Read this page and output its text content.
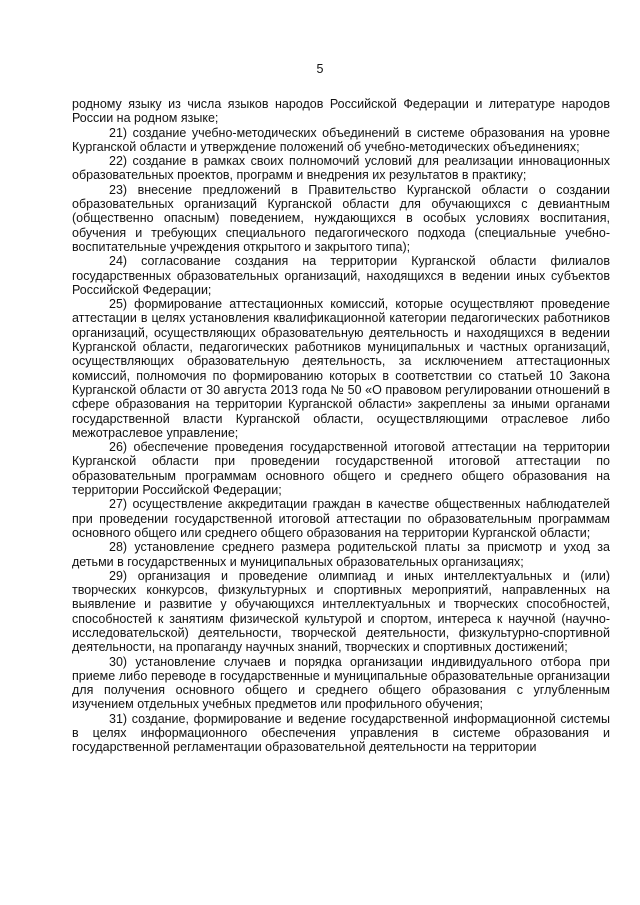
5

родному языку из числа языков народов Российской Федерации и литературе народов России на родном языке;

21) создание учебно-методических объединений в системе образования на уровне Курганской области и утверждение положений об учебно-методических объединениях;

22) создание в рамках своих полномочий условий для реализации инновационных образовательных проектов, программ и внедрения их результатов в практику;

23) внесение предложений в Правительство Курганской области о создании образовательных организаций Курганской области для обучающихся с девиантным (общественно опасным) поведением, нуждающихся в особых условиях воспитания, обучения и требующих специального педагогического подхода (специальные учебно-воспитательные учреждения открытого и закрытого типа);

24) согласование создания на территории Курганской области филиалов государственных образовательных организаций, находящихся в ведении иных субъектов Российской Федерации;

25) формирование аттестационных комиссий, которые осуществляют проведение аттестации в целях установления квалификационной категории педагогических работников организаций, осуществляющих образовательную деятельность и находящихся в ведении Курганской области, педагогических работников муниципальных и частных организаций, осуществляющих образовательную деятельность, за исключением аттестационных комиссий, полномочия по формированию которых в соответствии со статьей 10 Закона Курганской области от 30 августа 2013 года № 50 «О правовом регулировании отношений в сфере образования на территории Курганской области» закреплены за иными органами государственной власти Курганской области, осуществляющими отраслевое либо межотраслевое управление;

26) обеспечение проведения государственной итоговой аттестации на территории Курганской области при проведении государственной итоговой аттестации по образовательным программам основного общего и среднего общего образования на территории Российской Федерации;

27) осуществление аккредитации граждан в качестве общественных наблюдателей при проведении государственной итоговой аттестации по образовательным программам основного общего или среднего общего образования на территории Курганской области;

28) установление среднего размера родительской платы за присмотр и уход за детьми в государственных и муниципальных образовательных организациях;

29) организация и проведение олимпиад и иных интеллектуальных и (или) творческих конкурсов, физкультурных и спортивных мероприятий, направленных на выявление и развитие у обучающихся интеллектуальных и творческих способностей, способностей к занятиям физической культурой и спортом, интереса к научной (научно-исследовательской) деятельности, творческой деятельности, физкультурно-спортивной деятельности, на пропаганду научных знаний, творческих и спортивных достижений;

30) установление случаев и порядка организации индивидуального отбора при приеме либо переводе в государственные и муниципальные образовательные организации для получения основного общего и среднего общего образования с углубленным изучением отдельных учебных предметов или профильного обучения;

31) создание, формирование и ведение государственной информационной системы в целях информационного обеспечения управления в системе образования и государственной регламентации образовательной деятельности на территории
